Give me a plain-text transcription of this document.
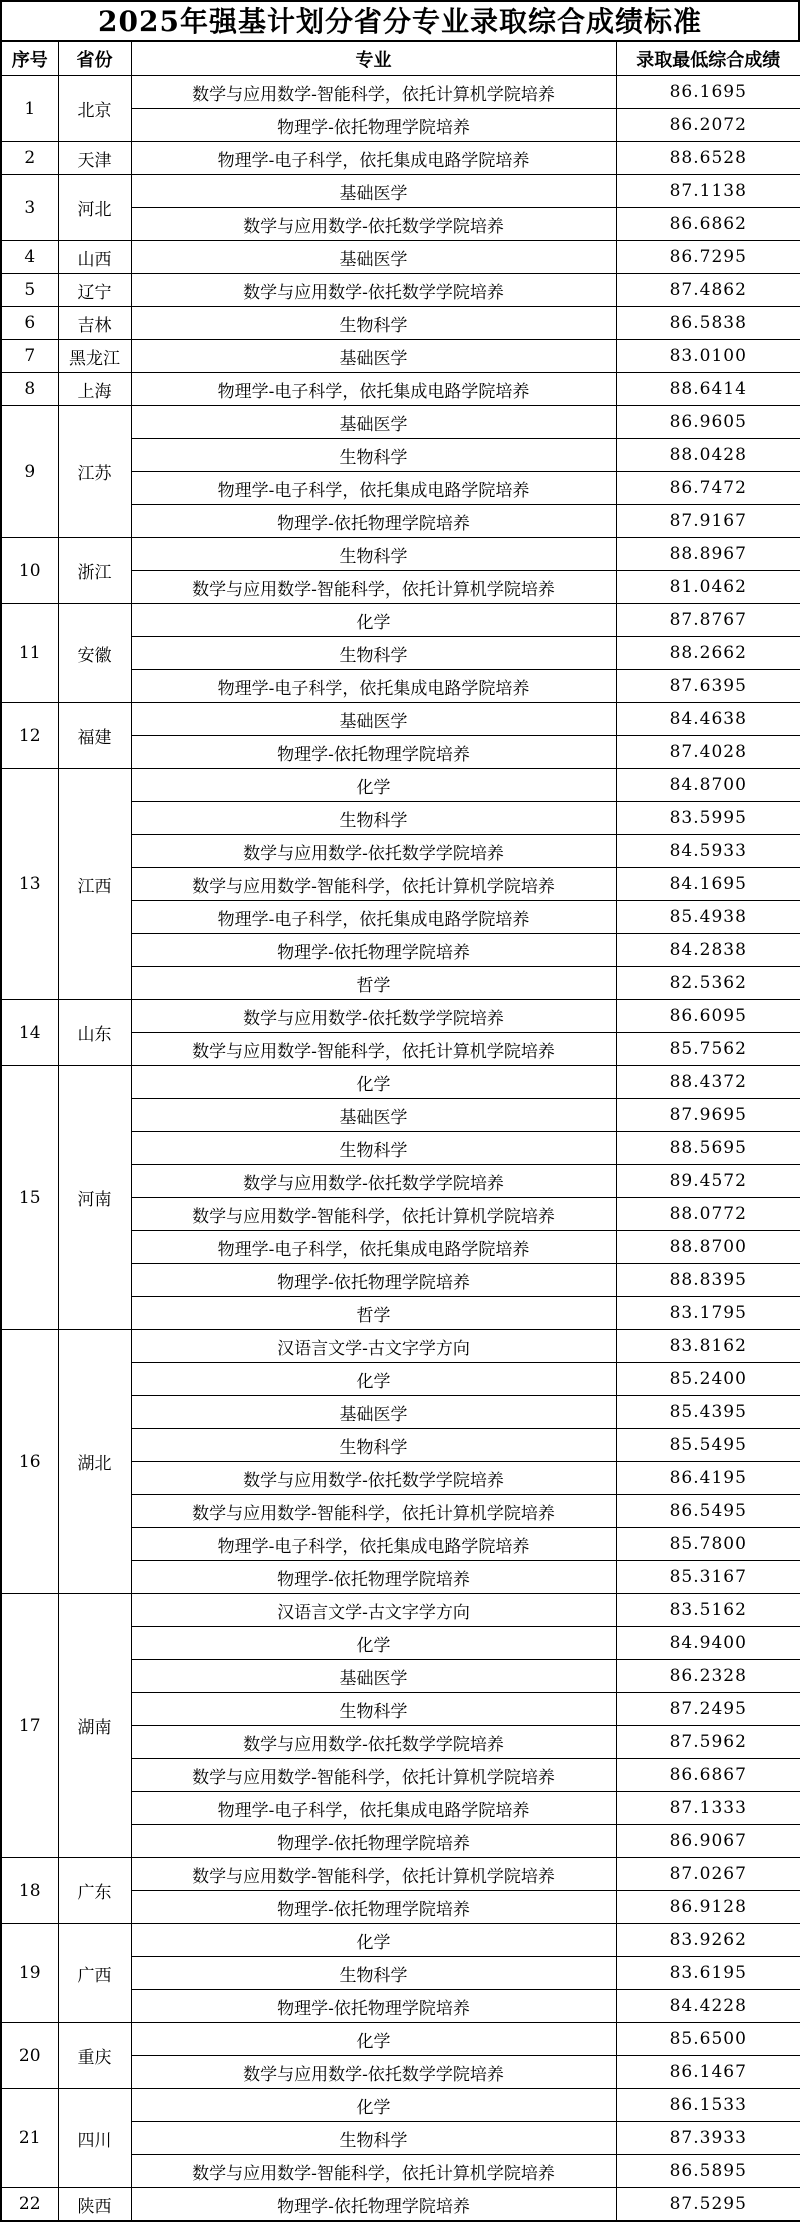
2025年强基计划分省分专业录取综合成绩标准
序号	省份	专业	录取最低综合成绩
1	北京	数学与应用数学-智能科学，依托计算机学院培养	86.1695
		物理学-依托物理学院培养	86.2072
2	天津	物理学-电子科学，依托集成电路学院培养	88.6528
3	河北	基础医学	87.1138
		数学与应用数学-依托数学学院培养	86.6862
4	山西	基础医学	86.7295
5	辽宁	数学与应用数学-依托数学学院培养	87.4862
6	吉林	生物科学	86.5838
7	黑龙江	基础医学	83.0100
8	上海	物理学-电子科学，依托集成电路学院培养	88.6414
9	江苏	基础医学	86.9605
		生物科学	88.0428
		物理学-电子科学，依托集成电路学院培养	86.7472
		物理学-依托物理学院培养	87.9167
10	浙江	生物科学	88.8967
		数学与应用数学-智能科学，依托计算机学院培养	81.0462
11	安徽	化学	87.8767
		生物科学	88.2662
		物理学-电子科学，依托集成电路学院培养	87.6395
12	福建	基础医学	84.4638
		物理学-依托物理学院培养	87.4028
13	江西	化学	84.8700
		生物科学	83.5995
		数学与应用数学-依托数学学院培养	84.5933
		数学与应用数学-智能科学，依托计算机学院培养	84.1695
		物理学-电子科学，依托集成电路学院培养	85.4938
		物理学-依托物理学院培养	84.2838
		哲学	82.5362
14	山东	数学与应用数学-依托数学学院培养	86.6095
		数学与应用数学-智能科学，依托计算机学院培养	85.7562
15	河南	化学	88.4372
		基础医学	87.9695
		生物科学	88.5695
		数学与应用数学-依托数学学院培养	89.4572
		数学与应用数学-智能科学，依托计算机学院培养	88.0772
		物理学-电子科学，依托集成电路学院培养	88.8700
		物理学-依托物理学院培养	88.8395
		哲学	83.1795
16	湖北	汉语言文学-古文字学方向	83.8162
		化学	85.2400
		基础医学	85.4395
		生物科学	85.5495
		数学与应用数学-依托数学学院培养	86.4195
		数学与应用数学-智能科学，依托计算机学院培养	86.5495
		物理学-电子科学，依托集成电路学院培养	85.7800
		物理学-依托物理学院培养	85.3167
17	湖南	汉语言文学-古文字学方向	83.5162
		化学	84.9400
		基础医学	86.2328
		生物科学	87.2495
		数学与应用数学-依托数学学院培养	87.5962
		数学与应用数学-智能科学，依托计算机学院培养	86.6867
		物理学-电子科学，依托集成电路学院培养	87.1333
		物理学-依托物理学院培养	86.9067
18	广东	数学与应用数学-智能科学，依托计算机学院培养	87.0267
		物理学-依托物理学院培养	86.9128
19	广西	化学	83.9262
		生物科学	83.6195
		物理学-依托物理学院培养	84.4228
20	重庆	化学	85.6500
		数学与应用数学-依托数学学院培养	86.1467
21	四川	化学	86.1533
		生物科学	87.3933
		数学与应用数学-智能科学，依托计算机学院培养	86.5895
22	陕西	物理学-依托物理学院培养	87.5295
